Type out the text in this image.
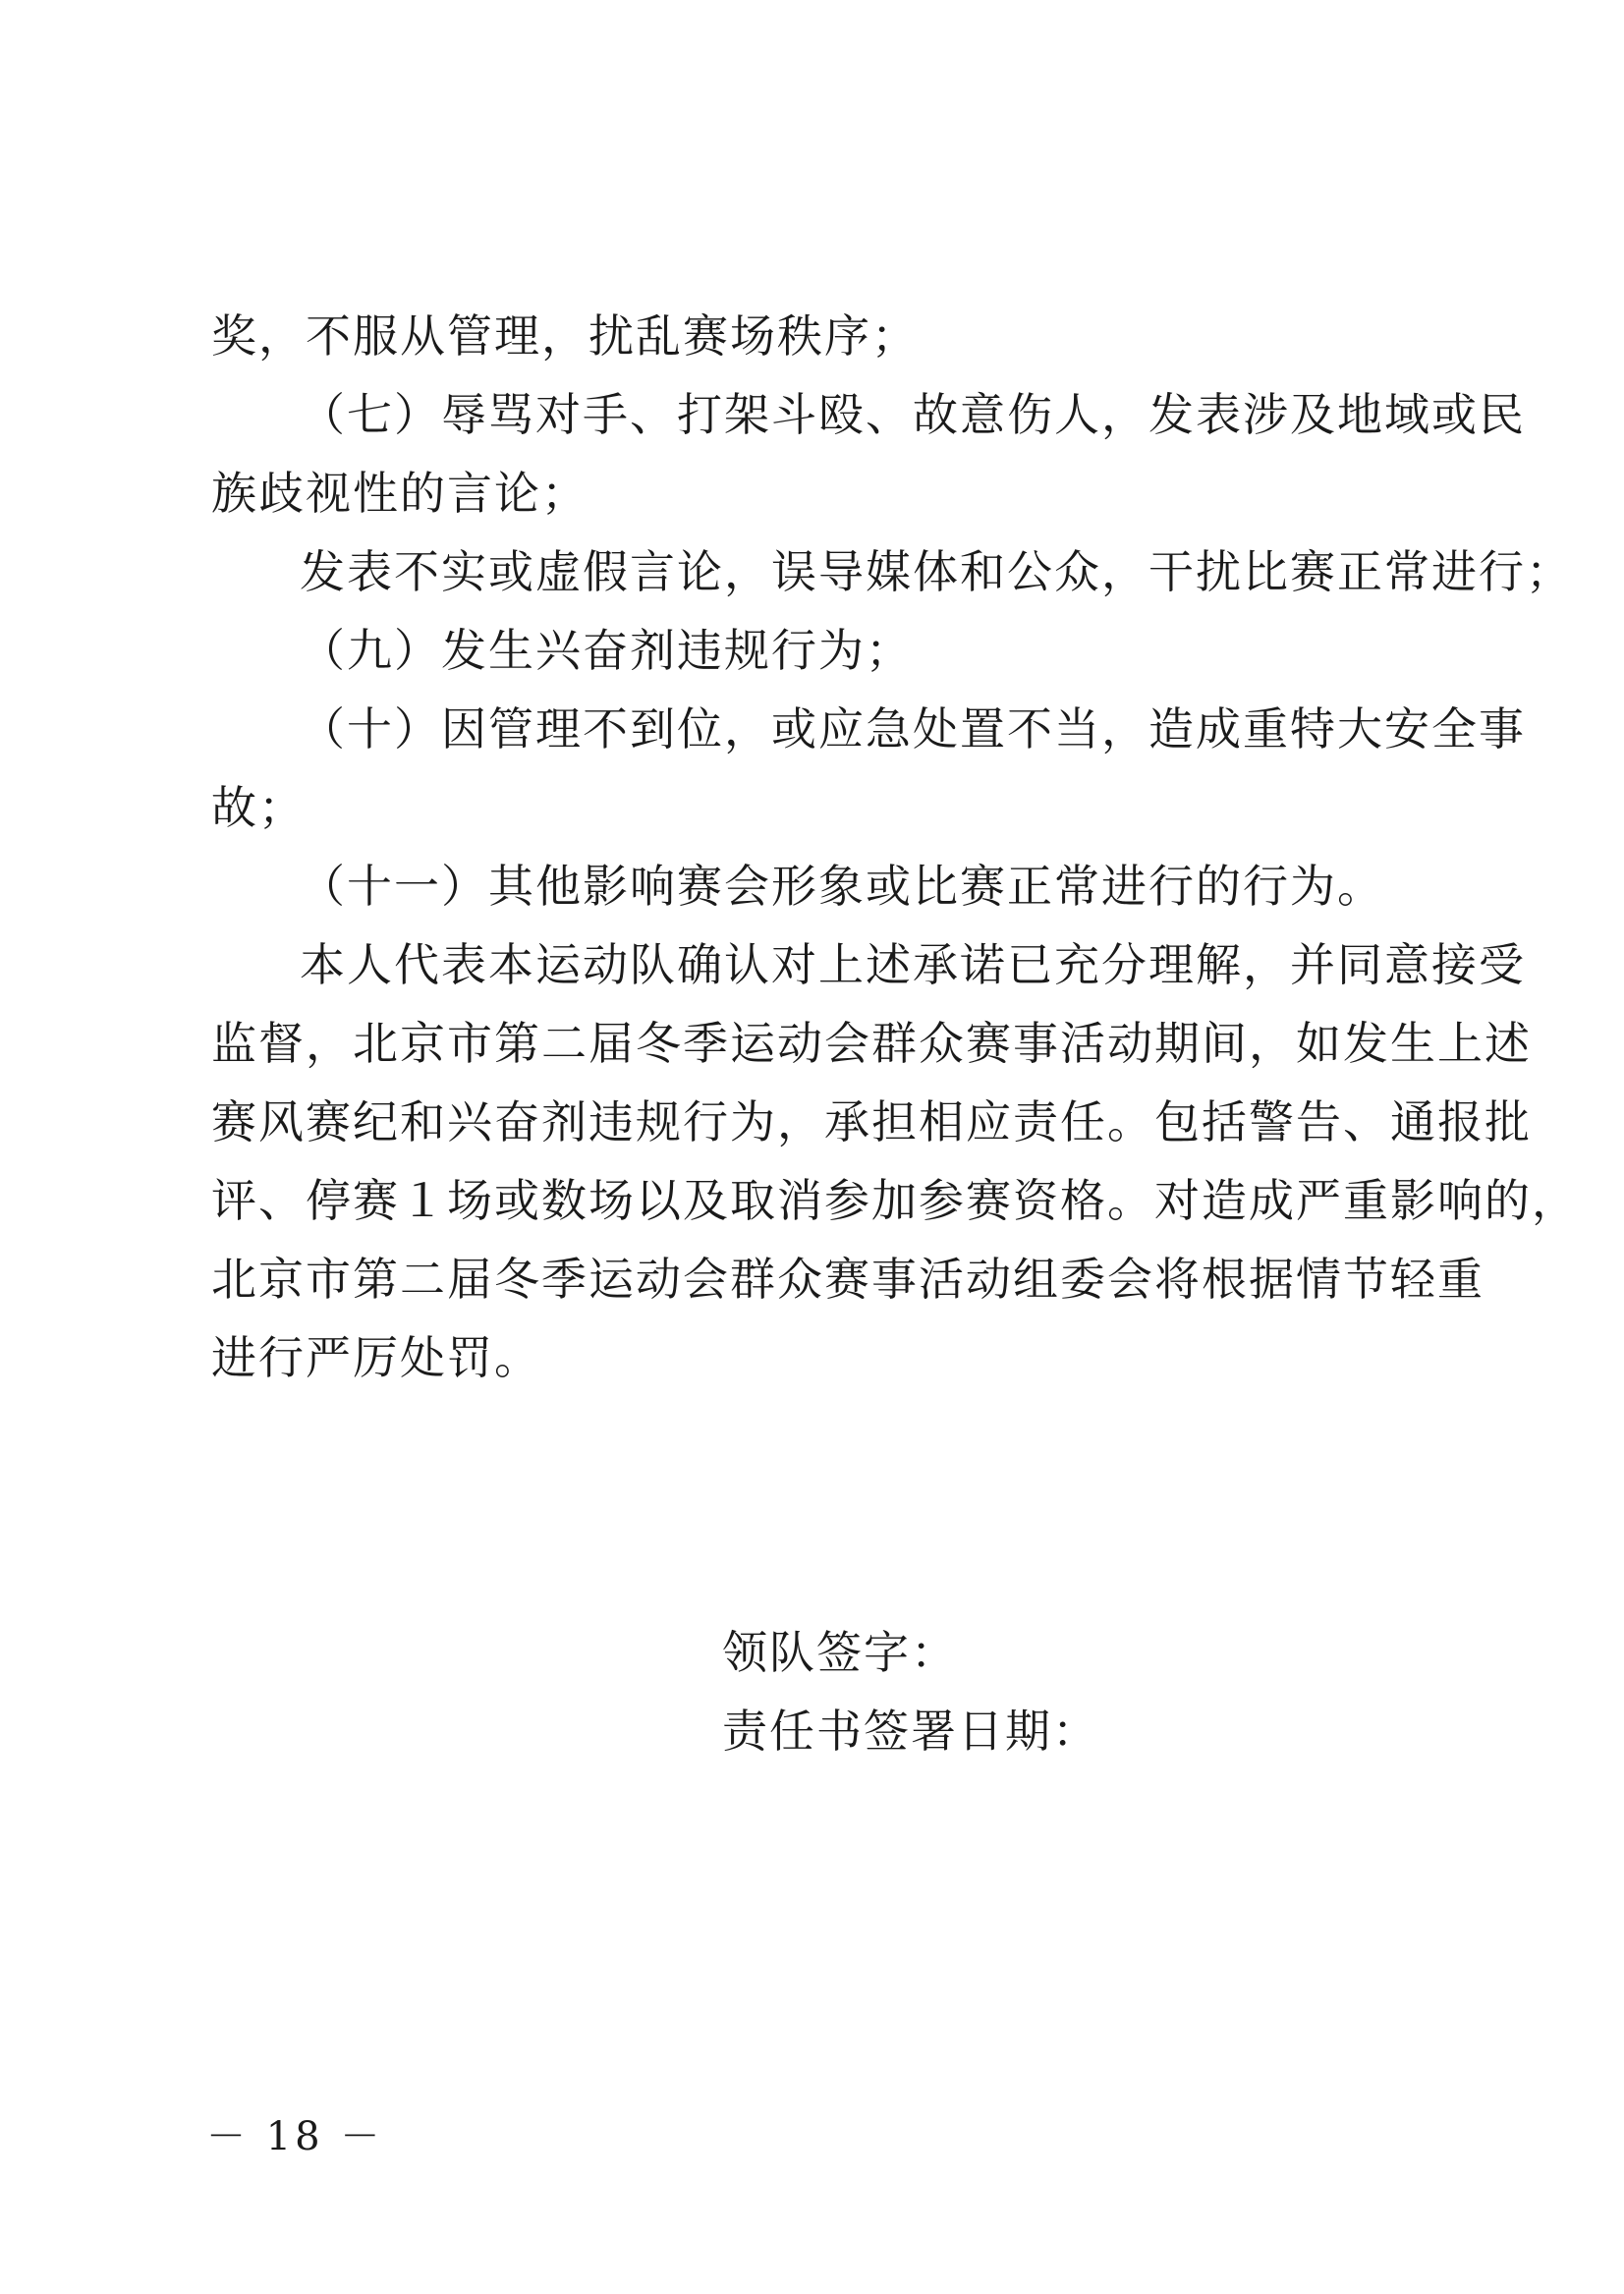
奖，不服从管理，扰乱赛场秩序；
（七）辱骂对手、打架斗殴、故意伤人，发表涉及地域或民
族歧视性的言论；
发表不实或虚假言论，误导媒体和公众，干扰比赛正常进行；
（九）发生兴奋剂违规行为；
（十）因管理不到位，或应急处置不当，造成重特大安全事
故；
（十一）其他影响赛会形象或比赛正常进行的行为。
本人代表本运动队确认对上述承诺已充分理解，并同意接受
监督，北京市第二届冬季运动会群众赛事活动期间，如发生上述
赛风赛纪和兴奋剂违规行为，承担相应责任。包括警告、通报批
评、停赛１场或数场以及取消参加参赛资格。对造成严重影响的，
北京市第二届冬季运动会群众赛事活动组委会将根据情节轻重
进行严厉处罚。
领队签字：
责任书签署日期：
－ 18 －
